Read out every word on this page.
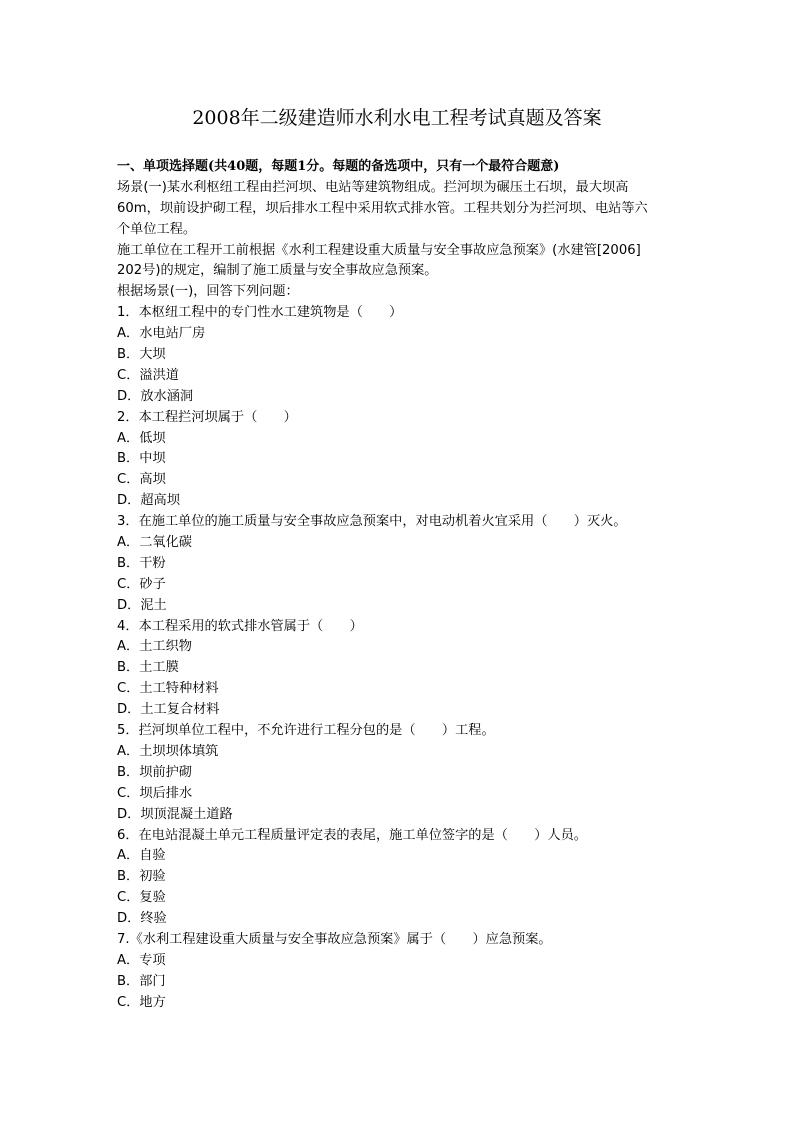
2008年二级建造师水利水电工程考试真题及答案
一、单项选择题(共40题，每题1分。每题的备选项中，只有一个最符合题意)
场景(一)某水利枢纽工程由拦河坝、电站等建筑物组成。拦河坝为碾压土石坝，最大坝高
60m，坝前设护砌工程，坝后排水工程中采用软式排水管。工程共划分为拦河坝、电站等六
个单位工程。
施工单位在工程开工前根据《水利工程建设重大质量与安全事故应急预案》(水建管[2006]
202号)的规定，编制了施工质量与安全事故应急预案。
根据场景(一)，回答下列问题：
1．本枢纽工程中的专门性水工建筑物是（　　）
A．水电站厂房
B．大坝
C．溢洪道
D．放水涵洞
2．本工程拦河坝属于（　　）
A．低坝
B．中坝
C．高坝
D．超高坝
3．在施工单位的施工质量与安全事故应急预案中，对电动机着火宜采用（　　）灭火。
A．二氧化碳
B．干粉
C．砂子
D．泥土
4．本工程采用的软式排水管属于（　　）
A．土工织物
B．土工膜
C．土工特种材料
D．土工复合材料
5．拦河坝单位工程中，不允许进行工程分包的是（　　）工程。
A．土坝坝体填筑
B．坝前护砌
C．坝后排水
D．坝顶混凝土道路
6．在电站混凝土单元工程质量评定表的表尾，施工单位签字的是（　　）人员。
A．自验
B．初验
C．复验
D．终验
7.《水利工程建设重大质量与安全事故应急预案》属于（　　）应急预案。
A．专项
B．部门
C．地方
